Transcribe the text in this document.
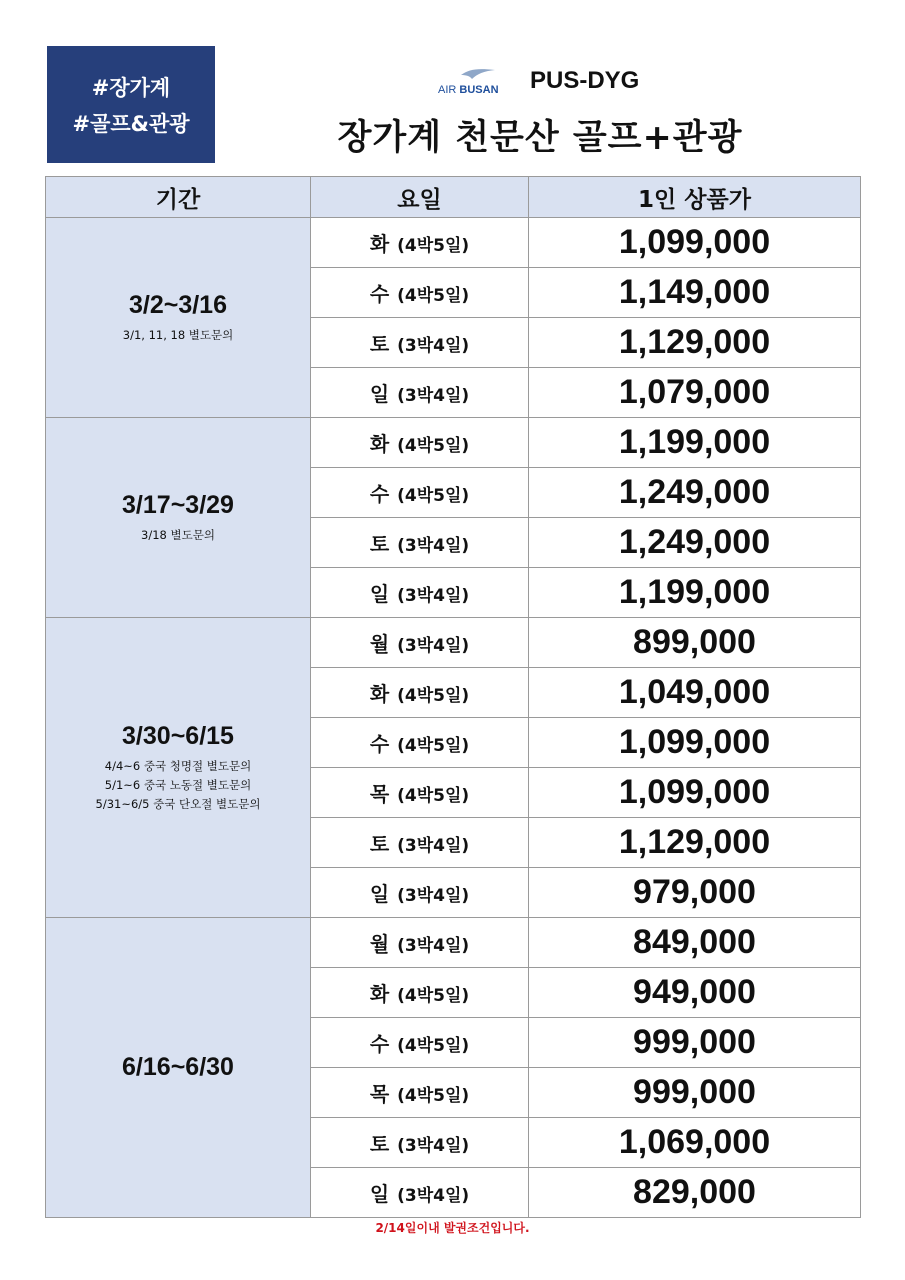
#장가계
#골프&관광
AIR BUSAN PUS-DYG
장가계 천문산 골프+관광
기간	요일	1인 상품가

3/2~3/16
3/1, 11, 18 별도문의	화 (4박5일)	1,099,000
	수 (4박5일)	1,149,000
	토 (3박4일)	1,129,000
	일 (3박4일)	1,079,000

3/17~3/29
3/18 별도문의	화 (4박5일)	1,199,000
	수 (4박5일)	1,249,000
	토 (3박4일)	1,249,000
	일 (3박4일)	1,199,000

3/30~6/15
4/4~6 중국 청명절 별도문의
5/1~6 중국 노동절 별도문의
5/31~6/5 중국 단오절 별도문의	월 (3박4일)	899,000
	화 (4박5일)	1,049,000
	수 (4박5일)	1,099,000
	목 (4박5일)	1,099,000
	토 (3박4일)	1,129,000
	일 (3박4일)	979,000

6/16~6/30	월 (3박4일)	849,000
	화 (4박5일)	949,000
	수 (4박5일)	999,000
	목 (4박5일)	999,000
	토 (3박4일)	1,069,000
	일 (3박4일)	829,000
2/14일이내 발권조건입니다.
